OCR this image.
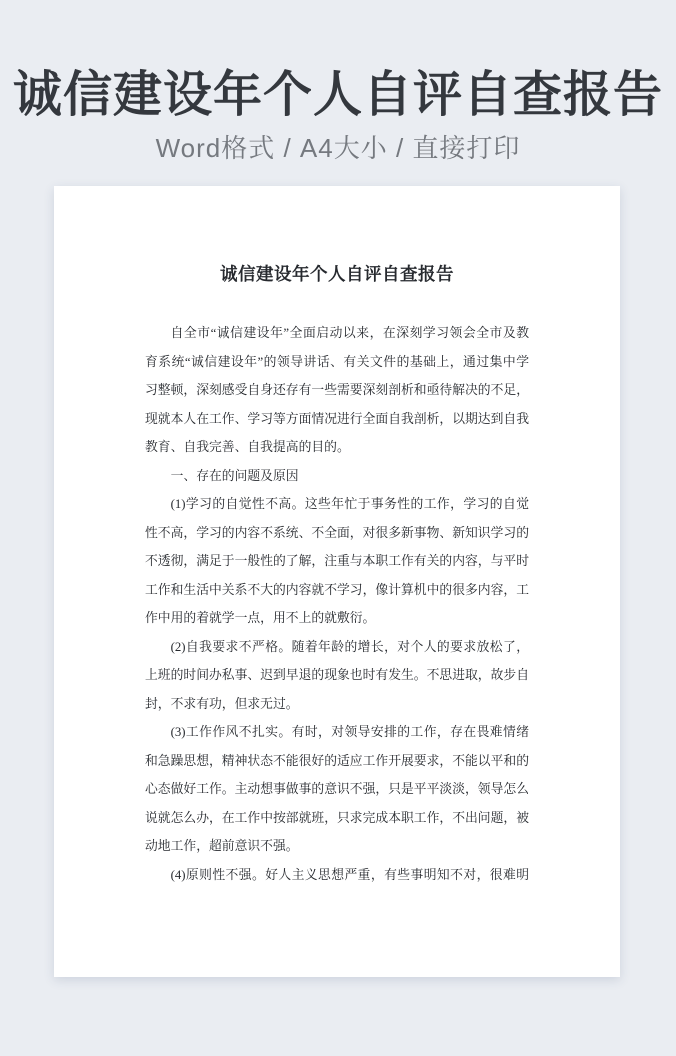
诚信建设年个人自评自查报告
Word格式 / A4大小 / 直接打印
诚信建设年个人自评自查报告
自全市“诚信建设年”全面启动以来，在深刻学习领会全市及教
育系统“诚信建设年”的领导讲话、有关文件的基础上，通过集中学
习整顿，深刻感受自身还存有一些需要深刻剖析和亟待解决的不足，
现就本人在工作、学习等方面情况进行全面自我剖析，以期达到自我
教育、自我完善、自我提高的目的。
一、存在的问题及原因
(1)学习的自觉性不高。这些年忙于事务性的工作，学习的自觉
性不高，学习的内容不系统、不全面，对很多新事物、新知识学习的
不透彻，满足于一般性的了解，注重与本职工作有关的内容，与平时
工作和生活中关系不大的内容就不学习，像计算机中的很多内容，工
作中用的着就学一点，用不上的就敷衍。
(2)自我要求不严格。随着年龄的增长，对个人的要求放松了，
上班的时间办私事、迟到早退的现象也时有发生。不思进取，故步自
封，不求有功，但求无过。
(3)工作作风不扎实。有时，对领导安排的工作，存在畏难情绪
和急躁思想，精神状态不能很好的适应工作开展要求，不能以平和的
心态做好工作。主动想事做事的意识不强，只是平平淡淡，领导怎么
说就怎么办，在工作中按部就班，只求完成本职工作，不出问题，被
动地工作，超前意识不强。
(4)原则性不强。好人主义思想严重，有些事明知不对，很难明
